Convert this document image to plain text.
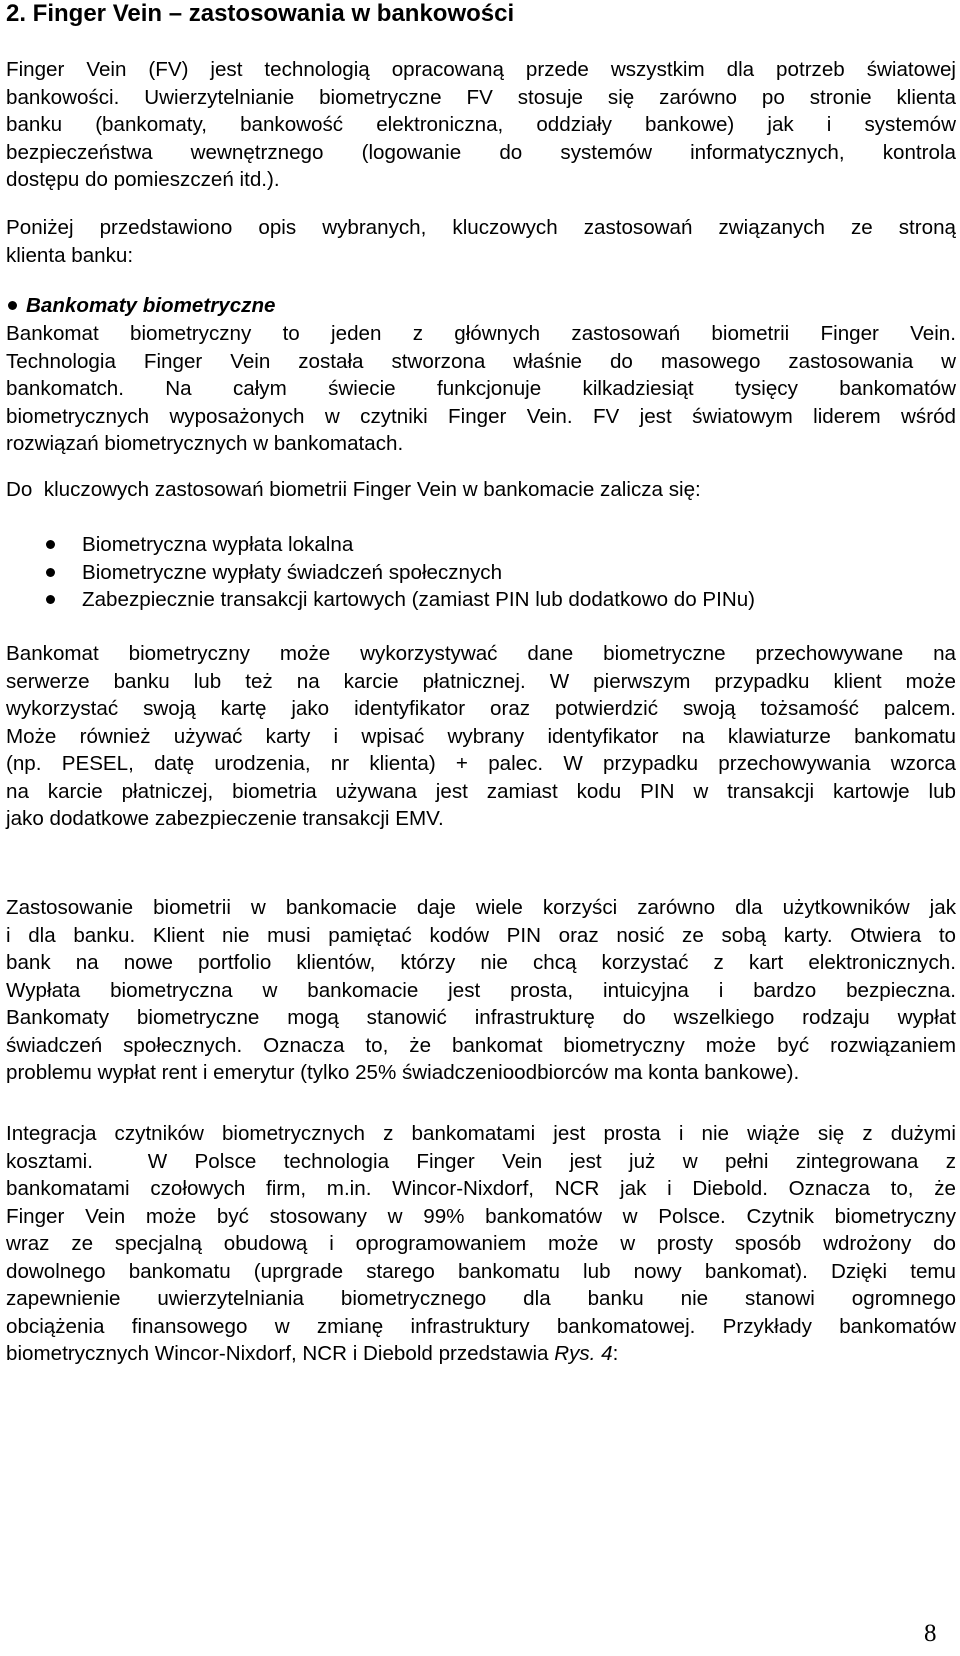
2. Finger Vein – zastosowania w bankowości
Finger Vein (FV) jest technologią opracowaną przede wszystkim dla potrzeb światowej
bankowości. Uwierzytelnianie biometryczne FV stosuje się zarówno po stronie klienta
banku (bankomaty, bankowość elektroniczna, oddziały bankowe) jak i systemów
bezpieczeństwa wewnętrznego (logowanie do systemów informatycznych, kontrola
dostępu do pomieszczeń itd.).
Poniżej przedstawiono opis wybranych, kluczowych zastosowań związanych ze stroną
klienta banku:
Bankomaty biometryczne
Bankomat biometryczny to jeden z głównych zastosowań biometrii Finger Vein.
Technologia Finger Vein została stworzona właśnie do masowego zastosowania w
bankomatch. Na całym świecie funkcjonuje kilkadziesiąt tysięcy bankomatów
biometrycznych wyposażonych w czytniki Finger Vein. FV jest światowym liderem wśród
rozwiązań biometrycznych w bankomatach.
Do  kluczowych zastosowań biometrii Finger Vein w bankomacie zalicza się:
Biometryczna wypłata lokalna
Biometryczne wypłaty świadczeń społecznych
Zabezpiecznie transakcji kartowych (zamiast PIN lub dodatkowo do PINu)
Bankomat biometryczny może wykorzystywać dane biometryczne przechowywane na
serwerze banku lub też na karcie płatnicznej. W pierwszym przypadku klient może
wykorzystać swoją kartę jako identyfikator oraz potwierdzić swoją tożsamość palcem.
Może również używać karty i wpisać wybrany identyfikator na klawiaturze bankomatu
(np. PESEL, datę urodzenia, nr klienta) + palec. W przypadku przechowywania wzorca
na karcie płatniczej, biometria używana jest zamiast kodu PIN w transakcji kartowje lub
jako dodatkowe zabezpieczenie transakcji EMV.
Zastosowanie biometrii w bankomacie daje wiele korzyści zarówno dla użytkowników jak
i dla banku. Klient nie musi pamiętać kodów PIN oraz nosić ze sobą karty. Otwiera to
bank na nowe portfolio klientów, którzy nie chcą korzystać z kart elektronicznych.
Wypłata biometryczna w bankomacie jest prosta, intuicyjna i bardzo bezpieczna.
Bankomaty biometryczne mogą stanowić infrastrukturę do wszelkiego rodzaju wypłat
świadczeń społecznych. Oznacza to, że bankomat biometryczny może być rozwiązaniem
problemu wypłat rent i emerytur (tylko 25% świadczenioodbiorców ma konta bankowe).
Integracja czytników biometrycznych z bankomatami jest prosta i nie wiąże się z dużymi
kosztami.  W Polsce technologia Finger Vein jest już w pełni zintegrowana z
bankomatami czołowych firm, m.in. Wincor-Nixdorf, NCR jak i Diebold. Oznacza to, że
Finger Vein może być stosowany w 99% bankomatów w Polsce. Czytnik biometryczny
wraz ze specjalną obudową i oprogramowaniem może w prosty sposób wdrożony do
dowolnego bankomatu (uprgrade starego bankomatu lub nowy bankomat). Dzięki temu
zapewnienie uwierzytelniania biometrycznego dla banku nie stanowi ogromnego
obciążenia finansowego w zmianę infrastruktury bankomatowej. Przykłady bankomatów
biometrycznych Wincor-Nixdorf, NCR i Diebold przedstawia Rys. 4:
8
